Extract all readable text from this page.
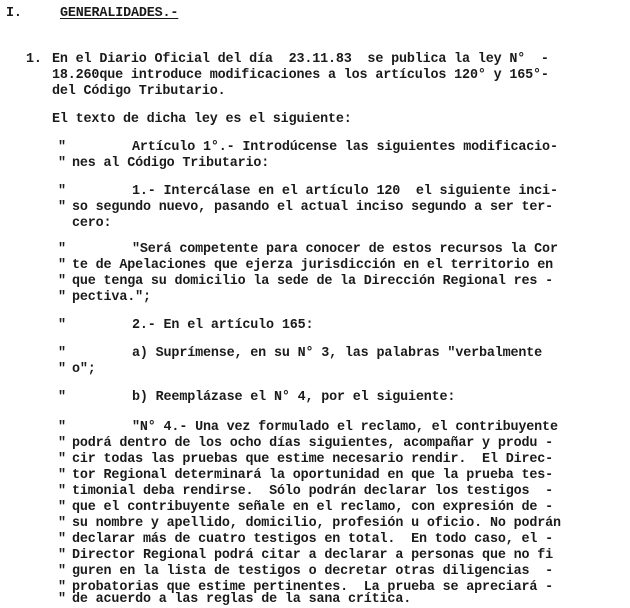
I.	GENERALIDADES.-
1. En el Diario Oficial del día  23.11.83  se publica la ley N°  -
18.260que introduce modificaciones a los artículos 120° y 165°-
del Código Tributario.
El texto de dicha ley es el siguiente:
"	Artículo 1°.- Introdúcense las siguientes modificacio-
" nes al Código Tributario:
"	1.- Intercálase en el artículo 120  el siguiente inci-
" so segundo nuevo, pasando el actual inciso segundo a ser ter-
cero:
"	"Será competente para conocer de estos recursos la Cor
" te de Apelaciones que ejerza jurisdicción en el territorio en
" que tenga su domicilio la sede de la Dirección Regional res -
" pectiva.";
"	2.- En el artículo 165:
"	a) Suprímense, en su N° 3, las palabras "verbalmente
" o";
"	b) Reemplázase el N° 4, por el siguiente:
"	"N° 4.- Una vez formulado el reclamo, el contribuyente
" podrá dentro de los ocho días siguientes, acompañar y produ -
" cir todas las pruebas que estime necesario rendir.  El Direc-
" tor Regional determinará la oportunidad en que la prueba tes-
" timonial deba rendirse.  Sólo podrán declarar los testigos  -
" que el contribuyente señale en el reclamo, con expresión de -
" su nombre y apellido, domicilio, profesión u oficio. No podrán
" declarar más de cuatro testigos en total.  En todo caso, el -
" Director Regional podrá citar a declarar a personas que no fi
" guren en la lista de testigos o decretar otras diligencias  -
" probatorias que estime pertinentes.  La prueba se apreciará -
" de acuerdo a las reglas de la sana crítica.
